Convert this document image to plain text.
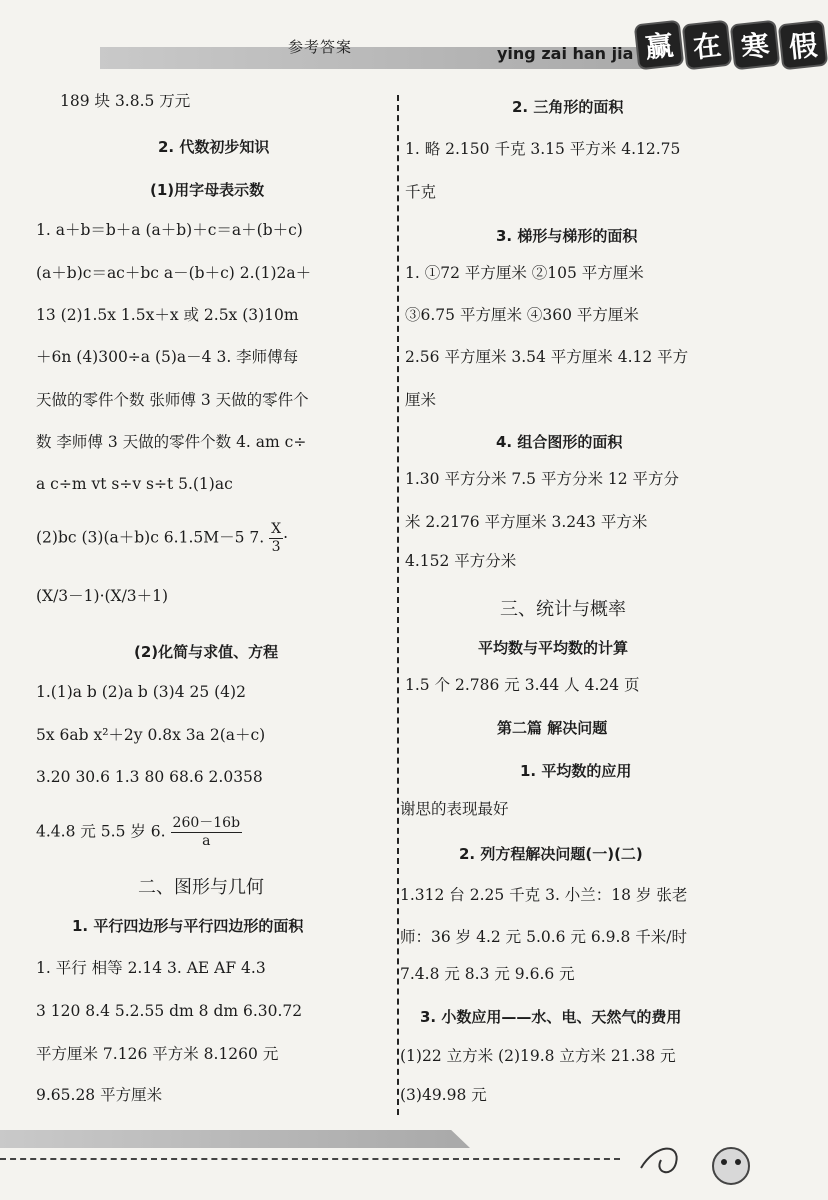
参考答案	ying zai han jia 赢 在 寒 假
189 块 3.8.5 万元
2. 代数初步知识
(1)用字母表示数
1. a＋b＝b＋a (a＋b)＋c＝a＋(b＋c)
(a＋b)c＝ac＋bc a－(b＋c) 2.(1)2a＋
13 (2)1.5x 1.5x＋x 或 2.5x (3)10m
＋6n (4)300÷a (5)a－4 3. 李师傅每
天做的零件个数 张师傅 3 天做的零件个
数 李师傅 3 天做的零件个数 4. am c÷
a c÷m vt s÷v s÷t 5.(1)ac
(2)bc (3)(a＋b)c 6.1.5M－5 7. $\frac{X}{3}$ ·
(X/3－1)·(X/3＋1)
(2)化简与求值、方程
1.(1)a b (2)a b (3)4 25 (4)2
5x 6ab x²＋2y 0.8x 3a 2(a＋c)
3.20 30.6 1.3 80 68.6 2.0358
4.4.8 元 5.5 岁 6. $\frac{260-16b}{a}$
二、图形与几何
1. 平行四边形与平行四边形的面积
1. 平行 相等 2.14 3. AE AF 4.3
3 120 8.4 5.2.55 dm 8 dm 6.30.72
平方厘米 7.126 平方米 8.1260 元
9.65.28 平方厘米
2. 三角形的面积
1. 略 2.150 千克 3.15 平方米 4.12.75
千克
3. 梯形与梯形的面积
1. ①72 平方厘米 ②105 平方厘米
③6.75 平方厘米 ④360 平方厘米
2.56 平方厘米 3.54 平方厘米 4.12 平方
厘米
4. 组合图形的面积
1.30 平方分米 7.5 平方分米 12 平方分
米 2.2176 平方厘米 3.243 平方米
4.152 平方分米
三、统计与概率
平均数与平均数的计算
1.5 个 2.786 元 3.44 人 4.24 页
第二篇 解决问题
1. 平均数的应用
谢思的表现最好
2. 列方程解决问题(一)(二)
1.312 台 2.25 千克 3. 小兰：18 岁 张老
师：36 岁 4.2 元 5.0.6 元 6.9.8 千米/时
7.4.8 元 8.3 元 9.6.6 元
3. 小数应用——水、电、天然气的费用
(1)22 立方米 (2)19.8 立方米 21.38 元
(3)49.98 元
